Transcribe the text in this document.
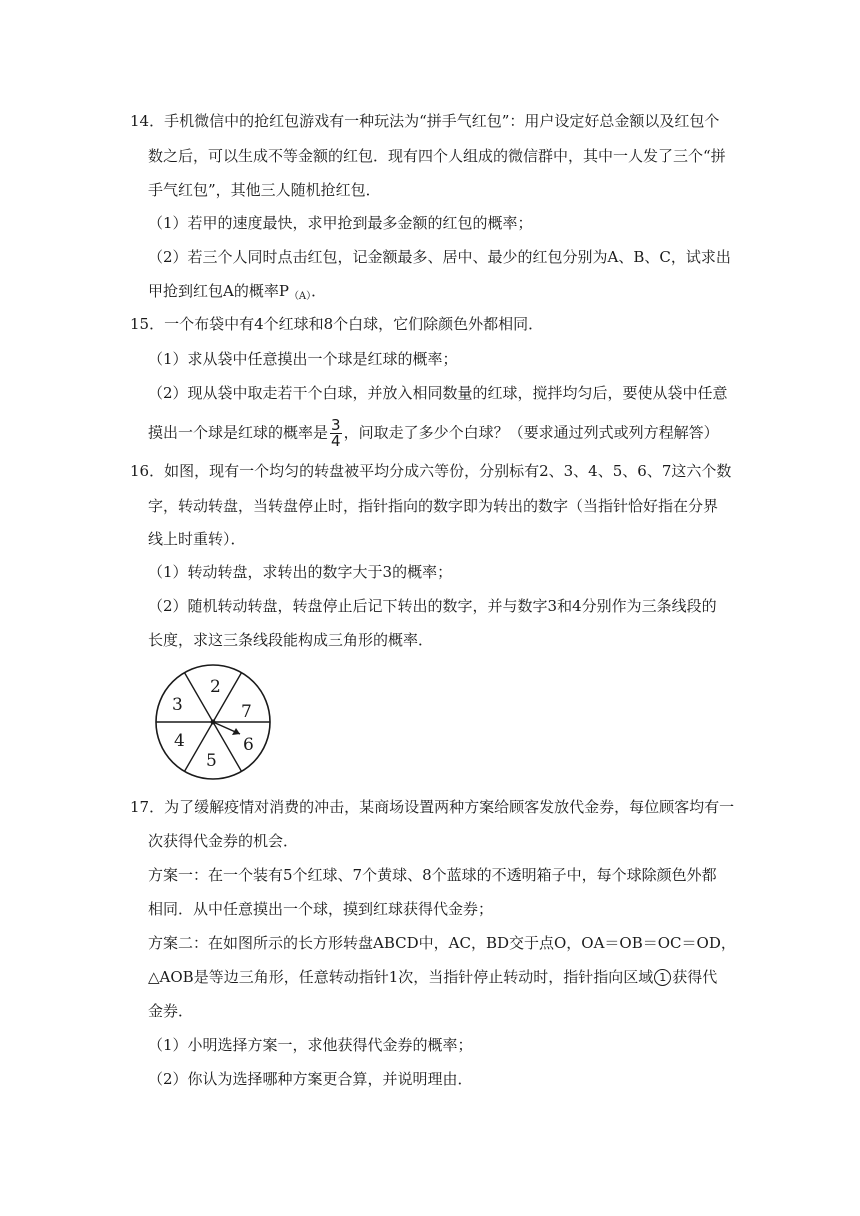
14．手机微信中的抢红包游戏有一种玩法为“拼手气红包”：用户设定好总金额以及红包个
数之后，可以生成不等金额的红包．现有四个人组成的微信群中，其中一人发了三个“拼
手气红包”，其他三人随机抢红包．
（1）若甲的速度最快，求甲抢到最多金额的红包的概率；
（2）若三个人同时点击红包，记金额最多、居中、最少的红包分别为A、B、C，试求出
甲抢到红包A的概率$P_{(A)}$．
15．一个布袋中有4个红球和8个白球，它们除颜色外都相同．
（1）求从袋中任意摸出一个球是红球的概率；
（2）现从袋中取走若干个白球，并放入相同数量的红球，搅拌均匀后，要使从袋中任意
摸出一个球是红球的概率是 $\frac{3}{4}$ ，问取走了多少个白球？（要求通过列式或列方程解答）
16．如图，现有一个均匀的转盘被平均分成六等份，分别标有2、3、4、5、6、7这六个数
字，转动转盘，当转盘停止时，指针指向的数字即为转出的数字（当指针恰好指在分界
线上时重转）．
（1）转动转盘，求转出的数字大于3的概率；
（2）随机转动转盘，转盘停止后记下转出的数字，并与数字3和4分别作为三条线段的
长度，求这三条线段能构成三角形的概率．
2
7
6
5
4
3
17．为了缓解疫情对消费的冲击，某商场设置两种方案给顾客发放代金券，每位顾客均有一
次获得代金券的机会．
方案一：在一个装有5个红球、7个黄球、8个蓝球的不透明箱子中，每个球除颜色外都
相同．从中任意摸出一个球，摸到红球获得代金券；
方案二：在如图所示的长方形转盘ABCD中，AC，BD交于点O，OA＝OB＝OC＝OD，
△AOB是等边三角形，任意转动指针1次，当指针停止转动时，指针指向区域 1 获得代
金券．
（1）小明选择方案一，求他获得代金券的概率；
（2）你认为选择哪种方案更合算，并说明理由．
